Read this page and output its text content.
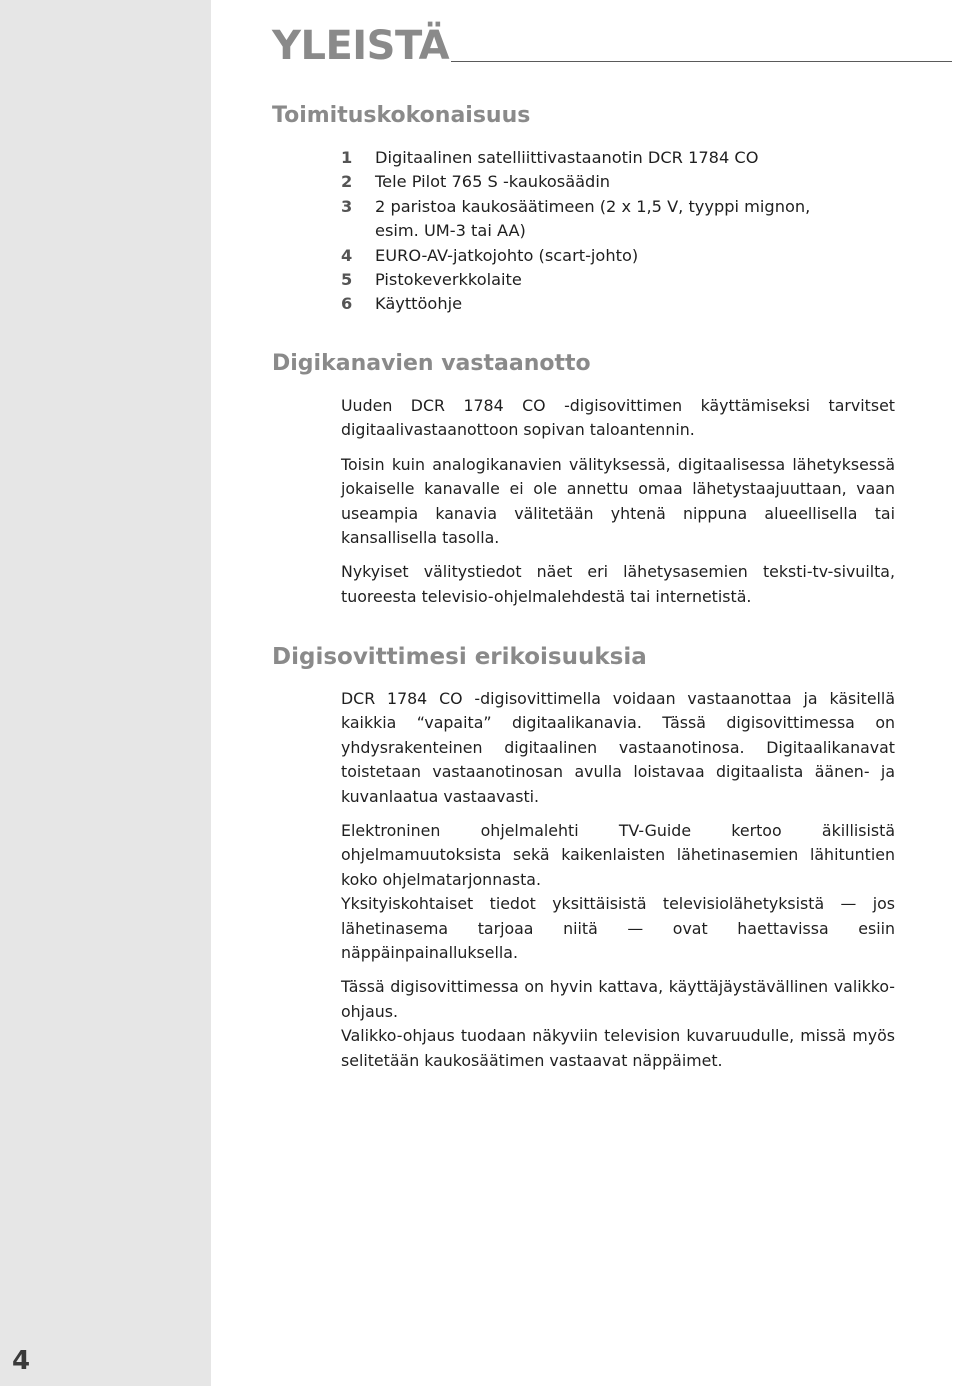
4
YLEISTÄ
Toimituskokonaisuus
1	Digitaalinen satelliittivastaanotin DCR 1784 CO
2	Tele Pilot 765 S -kaukosäädin
3	2 paristoa kaukosäätimeen (2 x 1,5 V, tyyppi mignon, esim. UM-3 tai AA)
4	EURO-AV-jatkojohto (scart-johto)
5	Pistokeverkkolaite
6	Käyttöohje
Digikanavien vastaanotto

Uuden DCR 1784 CO -digisovittimen käyttämiseksi tarvitset digitaalivastaanottoon sopivan taloantennin.

Toisin kuin analogikanavien välityksessä, digitaalisessa lähetyksessä jokaiselle kanavalle ei ole annettu omaa lähetystaajuuttaan, vaan useampia kanavia välitetään yhtenä nippuna alueellisella tai kansallisella tasolla.

Nykyiset välitystiedot näet eri lähetysasemien teksti-tv-sivuilta, tuoreesta televisio-ohjelmalehdestä tai internetistä.

Digisovittimesi erikoisuuksia

DCR 1784 CO -digisovittimella voidaan vastaanottaa ja käsitellä kaikkia “vapaita” digitaalikanavia. Tässä digisovittimessa on yhdysrakenteinen digitaalinen vastaanotinosa. Digitaalikanavat toistetaan vastaanotinosan avulla loistavaa digitaalista äänen- ja kuvanlaatua vastaavasti.

Elektroninen ohjelmalehti TV-Guide kertoo äkillisistä ohjelmamuutoksista sekä kaikenlaisten lähetinasemien lähituntien koko ohjelmatarjonnasta.

Yksityiskohtaiset tiedot yksittäisistä televisiolähetyksistä — jos lähetinasema tarjoaa niitä — ovat haettavissa esiin näppäinpainalluksella.

Tässä digisovittimessa on hyvin kattava, käyttäjäystävällinen valikko-ohjaus.

Valikko-ohjaus tuodaan näkyviin television kuvaruudulle, missä myös selitetään kaukosäätimen vastaavat näppäimet.
